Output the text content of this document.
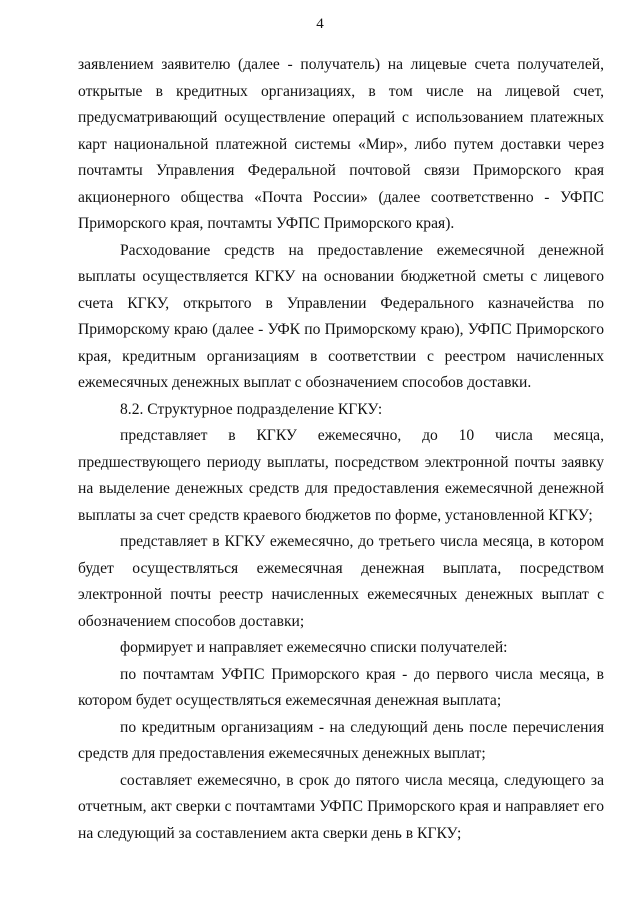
4

заявлением заявителю (далее - получатель) на лицевые счета получателей, открытые в кредитных организациях, в том числе на лицевой счет, предусматривающий осуществление операций с использованием платежных карт национальной платежной системы «Мир», либо путем доставки через почтамты Управления Федеральной почтовой связи Приморского края акционерного общества «Почта России» (далее соответственно - УФПС Приморского края, почтамты УФПС Приморского края).

Расходование средств на предоставление ежемесячной денежной выплаты осуществляется КГКУ на основании бюджетной сметы с лицевого счета КГКУ, открытого в Управлении Федерального казначейства по Приморскому краю (далее - УФК по Приморскому краю), УФПС Приморского края, кредитным организациям в соответствии с реестром начисленных ежемесячных денежных выплат с обозначением способов доставки.

8.2. Структурное подразделение КГКУ:

представляет в КГКУ ежемесячно, до 10 числа месяца, предшествующего периоду выплаты, посредством электронной почты заявку на выделение денежных средств для предоставления ежемесячной денежной выплаты за счет средств краевого бюджетов по форме, установленной КГКУ;

представляет в КГКУ ежемесячно, до третьего числа месяца, в котором будет осуществляться ежемесячная денежная выплата, посредством электронной почты реестр начисленных ежемесячных денежных выплат с обозначением способов доставки;

формирует и направляет ежемесячно списки получателей:

по почтамтам УФПС Приморского края - до первого числа месяца, в котором будет осуществляться ежемесячная денежная выплата;

по кредитным организациям - на следующий день после перечисления средств для предоставления ежемесячных денежных выплат;

составляет ежемесячно, в срок до пятого числа месяца, следующего за отчетным, акт сверки с почтамтами УФПС Приморского края и направляет его на следующий за составлением акта сверки день в КГКУ;
